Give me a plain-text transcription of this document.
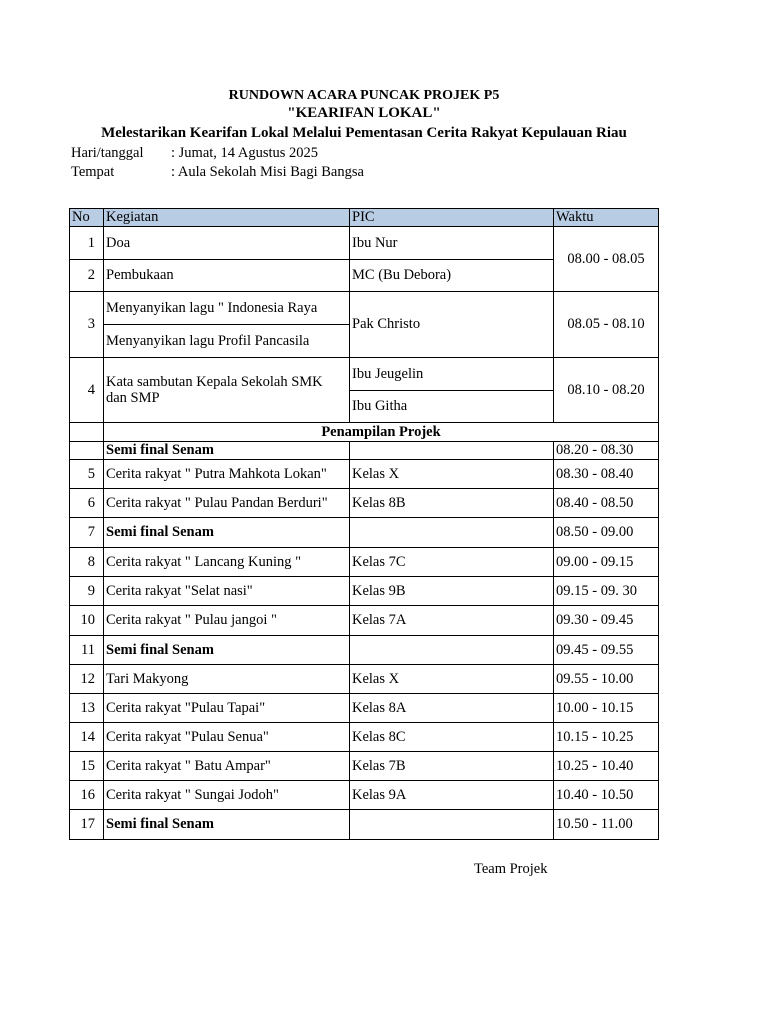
RUNDOWN ACARA PUNCAK PROJEK P5
"KEARIFAN LOKAL"
Melestarikan Kearifan Lokal Melalui Pementasan Cerita Rakyat Kepulauan Riau
Hari/tanggal : Jumat, 14 Agustus 2025
Tempat	: Aula Sekolah Misi Bagi Bangsa
No	Kegiatan	PIC	Waktu
1	Doa	Ibu Nur	08.00 - 08.05
2	Pembukaan	MC (Bu Debora)	
3	Menyanyikan lagu " Indonesia Raya	Pak Christo	08.05 - 08.10
	Menyanyikan lagu Profil Pancasila		
4	Kata sambutan Kepala Sekolah SMK dan SMP	Ibu Jeugelin	08.10 - 08.20
		Ibu Githa	
	Penampilan Projek		
	Semi final Senam		08.20 - 08.30
5	Cerita rakyat " Putra Mahkota Lokan"	Kelas X	08.30 - 08.40
6	Cerita rakyat " Pulau Pandan Berduri"	Kelas 8B	08.40 - 08.50
7	Semi final Senam		08.50 - 09.00
8	Cerita rakyat " Lancang Kuning "	Kelas 7C	09.00 - 09.15
9	Cerita rakyat "Selat nasi"	Kelas 9B	09.15 - 09. 30
10	Cerita rakyat " Pulau jangoi "	Kelas 7A	09.30 - 09.45
11	Semi final Senam		09.45 - 09.55
12	Tari Makyong	Kelas X	09.55 - 10.00
13	Cerita rakyat "Pulau Tapai"	Kelas 8A	10.00 - 10.15
14	Cerita rakyat "Pulau Senua"	Kelas 8C	10.15 - 10.25
15	Cerita rakyat " Batu Ampar"	Kelas 7B	10.25 - 10.40
16	Cerita rakyat " Sungai Jodoh"	Kelas 9A	10.40 - 10.50
17	Semi final Senam		10.50 - 11.00
Team Projek
